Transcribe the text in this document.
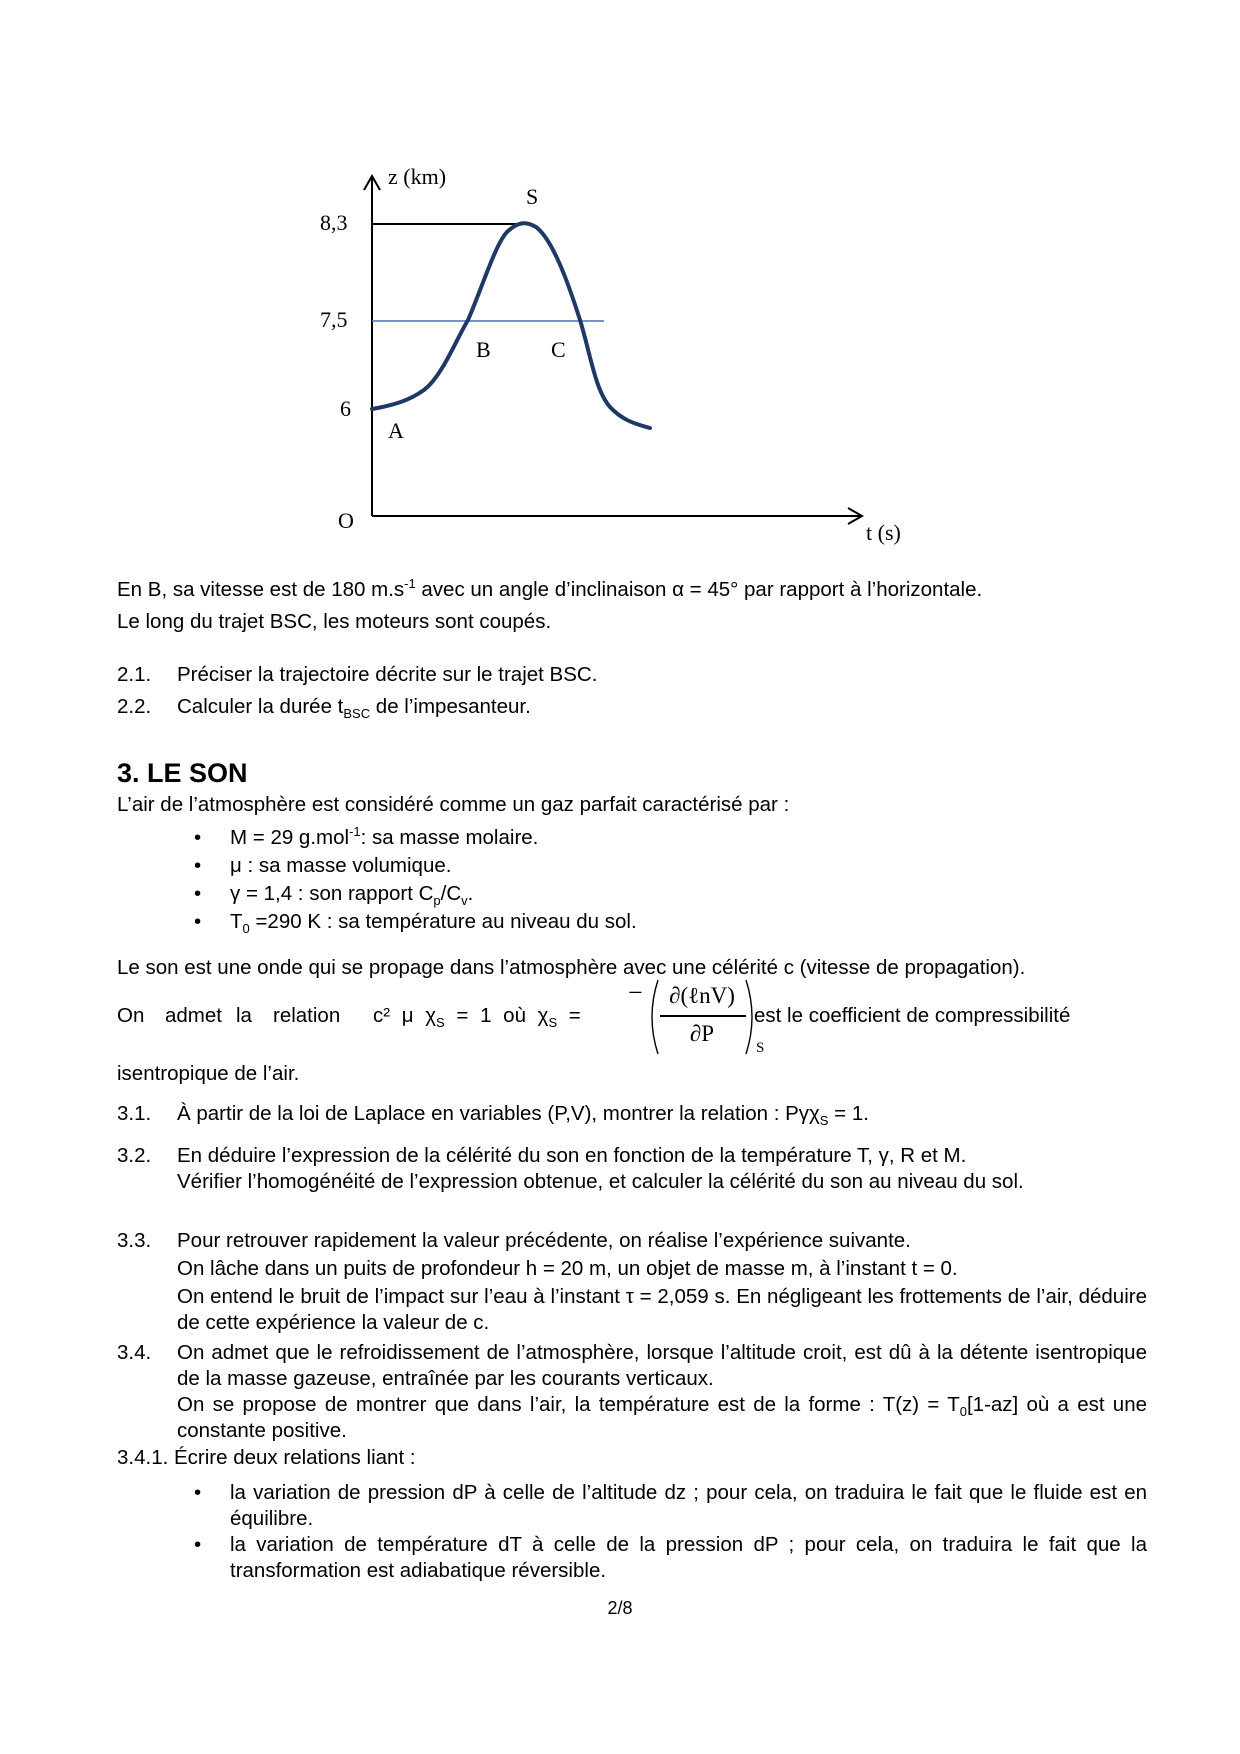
z (km)
t (s)
O
8,3
7,5
6
S
A
B	C
En B, sa vitesse est de 180 $m.s^{-1}$ avec un angle d’inclinaison α = 45° par rapport à l’horizontale.
Le long du trajet BSC, les moteurs sont coupés.
2.1. Préciser la trajectoire décrite sur le trajet BSC.
2.2. Calculer la durée $t_{BSC}$ de l’impesanteur.
3. LE SON
L’air de l’atmosphère est considéré comme un gaz parfait caractérisé par :
• M = 29 g.mol$^{-1}$: sa masse molaire.
• μ : sa masse volumique.
• γ = 1,4 : son rapport $C_p/C_v$.
• $T_0 =290$ K : sa température au niveau du sol.
Le son est une onde qui se propage dans l’atmosphère avec une célérité c (vitesse de propagation).
On admet la relation c² μ $\chi_S = 1$ où $\chi_S$ =	est le coefficient de compressibilité
−	∂(ℓnV)
∂P
S
isentropique de l’air.
3.1. À partir de la loi de Laplace en variables (P,V), montrer la relation : Pγχ$_S$ = 1.
3.2. En déduire l’expression de la célérité du son en fonction de la température T, γ, R et M.
Vérifier l’homogénéité de l’expression obtenue, et calculer la célérité du son au niveau du sol.
3.3. Pour retrouver rapidement la valeur précédente, on réalise l’expérience suivante.
On lâche dans un puits de profondeur h = 20 m, un objet de masse m, à l’instant t = 0.
On entend le bruit de l’impact sur l’eau à l’instant τ = 2,059 s. En négligeant les frottements de l’air, déduire de cette expérience la valeur de c.
3.4. On admet que le refroidissement de l’atmosphère, lorsque l’altitude croit, est dû à la détente isentropique de la masse gazeuse, entraînée par les courants verticaux.
On se propose de montrer que dans l’air, la température est de la forme : $T(z) = T_0[1-az]$ où a est une constante positive.
3.4.1. Écrire deux relations liant :
• la variation de pression dP à celle de l’altitude dz ; pour cela, on traduira le fait que le fluide est en équilibre.
• la variation de température dT à celle de la pression dP ; pour cela, on traduira le fait que la transformation est adiabatique réversible.
2/8
